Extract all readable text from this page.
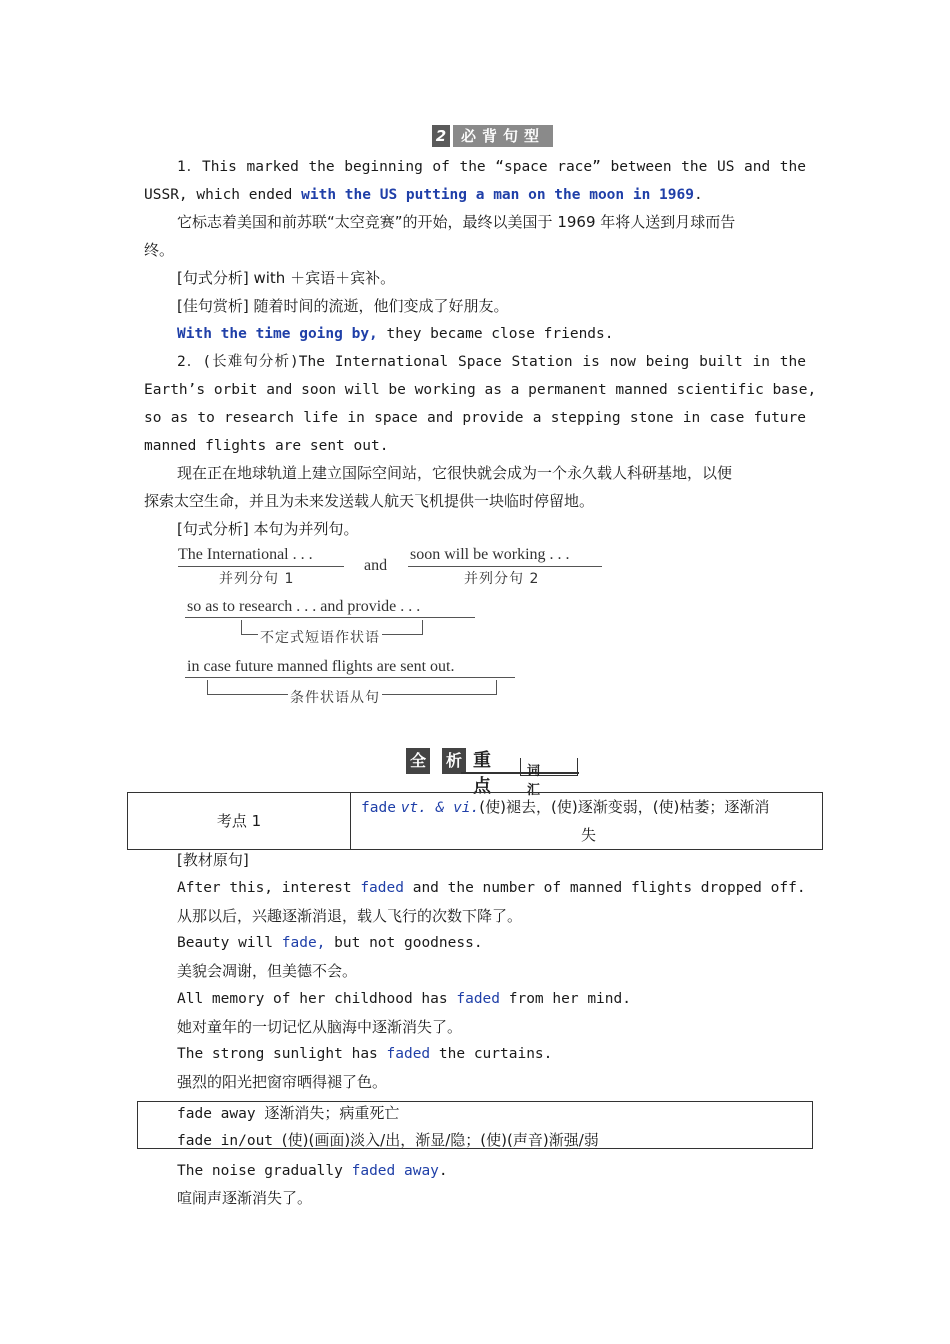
2 必背句型
1．This marked the beginning of the “space race” between the US and the
USSR, which ended with the US putting a man on the moon in 1969.
它标志着美国和前苏联“太空竞赛”的开始，最终以美国于 1969 年将人送到月球而告
终。
[句式分析] with ＋宾语＋宾补。
[佳句赏析] 随着时间的流逝，他们变成了好朋友。
With the time going by, they became close friends.
2．(长难句分析)The International Space Station is now being built in the
Earth’s orbit and soon will be working as a permanent manned scientific base,
so as to research life in space and provide a stepping stone in case future
manned flights are sent out.
现在正在地球轨道上建立国际空间站，它很快就会成为一个永久载人科研基地，以便
探索太空生命，并且为未来发送载人航天飞机提供一块临时停留地。
[句式分析] 本句为并列句。
The International . . .
并列分句 1
and
soon will be working . . .
并列分句 2
so as to research . . . and provide . . .
不定式短语作状语
in case future manned flights are sent out.
条件状语从句
全 析 重点
词汇
考点 1
fade vt. & vi.(使)褪去，(使)逐渐变弱，(使)枯萎；逐渐消
失
[教材原句]
After this, interest faded and the number of manned flights dropped off.
从那以后，兴趣逐渐消退，载人飞行的次数下降了。
Beauty will fade, but not goodness.
美貌会凋谢，但美德不会。
All memory of her childhood has faded from her mind.
她对童年的一切记忆从脑海中逐渐消失了。
The strong sunlight has faded the curtains.
强烈的阳光把窗帘晒得褪了色。
fade away 逐渐消失；病重死亡
fade in/out (使)(画面)淡入/出，渐显/隐；(使)(声音)渐强/弱
The noise gradually faded away.
喧闹声逐渐消失了。
